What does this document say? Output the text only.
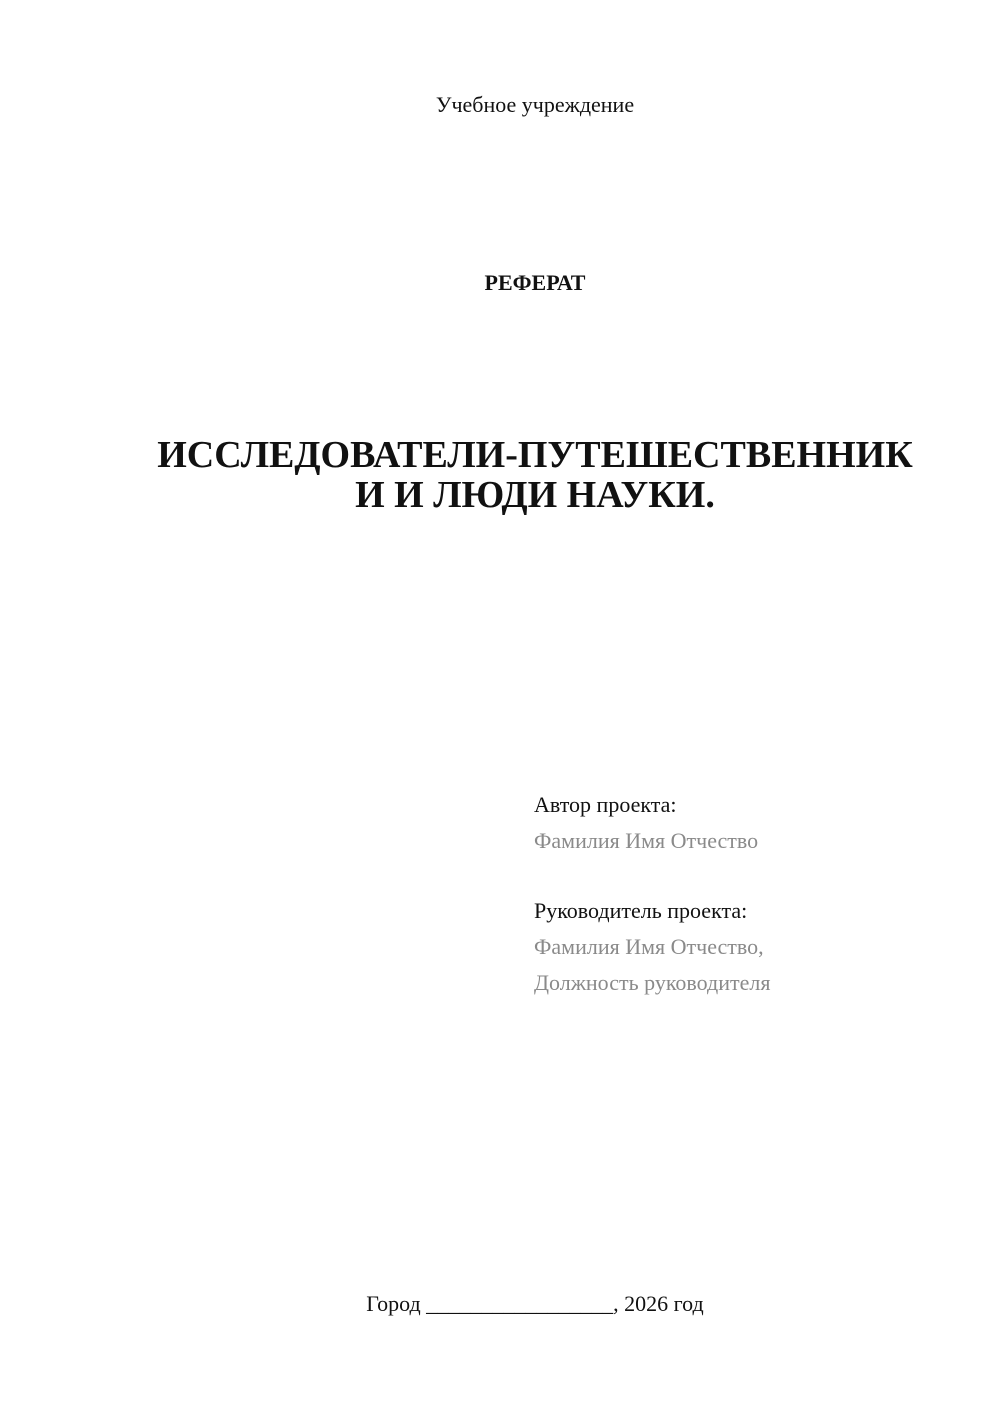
Учебное учреждение
РЕФЕРАТ
ИССЛЕДОВАТЕЛИ-ПУТЕШЕСТВЕННИК
И И ЛЮДИ НАУКИ.
Автор проекта:
Фамилия Имя Отчество
Руководитель проекта:
Фамилия Имя Отчество,
Должность руководителя
Город _________________, 2026 год
